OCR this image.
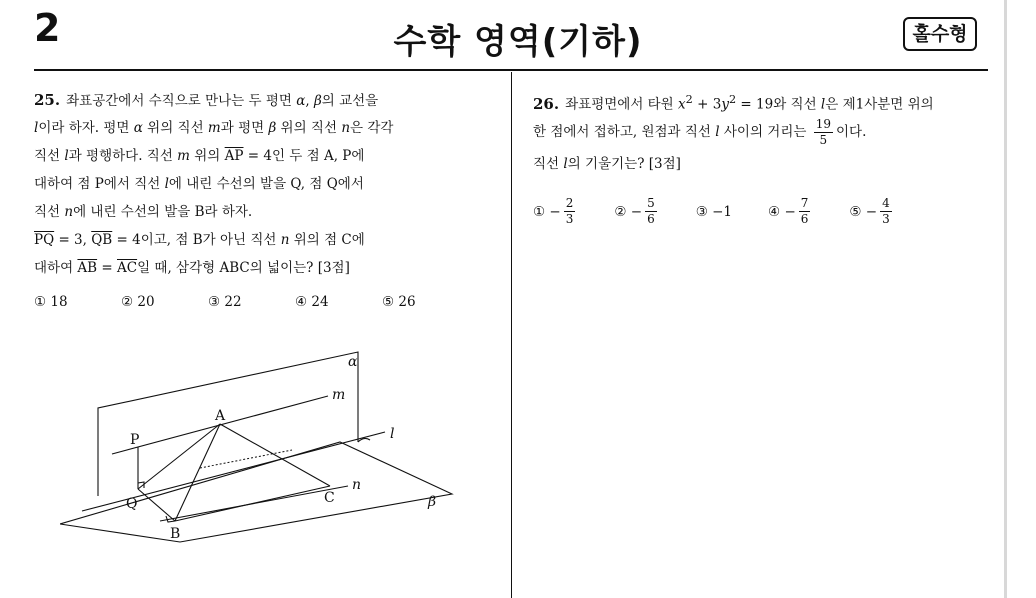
2	수학 영역(기하)	홀수형
25. 좌표공간에서 수직으로 만나는 두 평면 α, β의 교선을
l이라 하자. 평면 α 위의 직선 m과 평면 β 위의 직선 n은 각각
직선 l과 평행하다. 직선 m 위의 $\overline{AP} = 4$인 두 점 A, P에
대하여 점 P에서 직선 l에 내린 수선의 발을 Q, 점 Q에서
직선 n에 내린 수선의 발을 B라 하자.
$\overline{PQ} = 3$, $\overline{QB} = 4$이고, 점 B가 아닌 직선 n 위의 점 C에
대하여 $\overline{AB} = \overline{AC}$일 때, 삼각형 ABC의 넓이는? [3점]
① 18	② 20	③ 22	④ 24	⑤ 26
α
m
l
n
β
A
P
Q
B
C
26. 좌표평면에서 타원 $x^2 + 3y^2 = 19$와 직선 l은 제1사분면 위의
한 점에서 접하고, 원점과 직선 l 사이의 거리는 $\frac{19}{5}$ 이다.
직선 l의 기울기는? [3점]
①
− $\frac{2}{3}$	②
− $\frac{5}{6}$	③
−1	④
− $\frac{7}{6}$	⑤
− $\frac{4}{3}$
